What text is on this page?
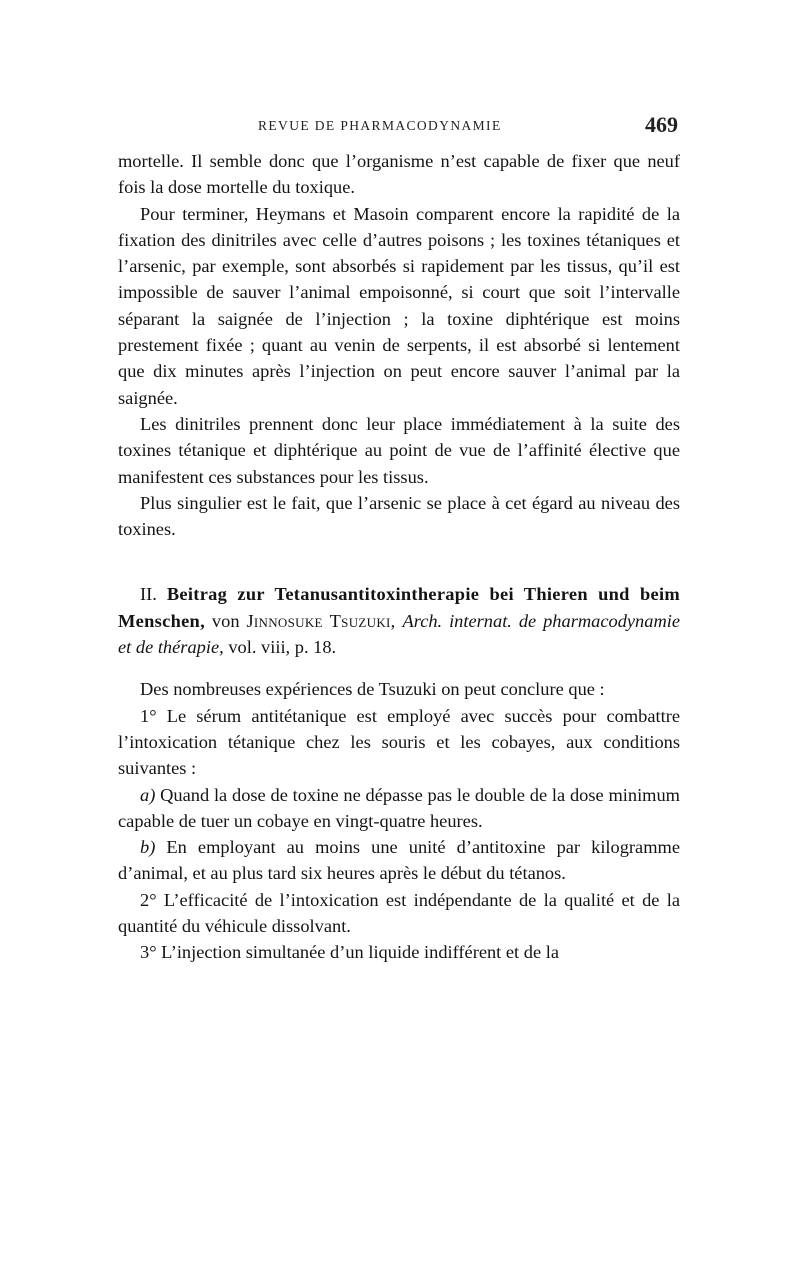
REVUE DE PHARMACODYNAMIE	469

mortelle. Il semble donc que l’organisme n’est capable de fixer que neuf fois la dose mortelle du toxique.

Pour terminer, Heymans et Masoin comparent encore la rapidité de la fixation des dinitriles avec celle d’autres poisons ; les toxines tétaniques et l’arsenic, par exemple, sont absorbés si rapidement par les tissus, qu’il est impossible de sauver l’animal empoisonné, si court que soit l’intervalle séparant la saignée de l’injection ; la toxine diphtérique est moins prestement fixée ; quant au venin de serpents, il est absorbé si lentement que dix minutes après l’injection on peut encore sauver l’animal par la saignée.

Les dinitriles prennent donc leur place immédiatement à la suite des toxines tétanique et diphtérique au point de vue de l’affinité élective que manifestent ces substances pour les tissus.

Plus singulier est le fait, que l’arsenic se place à cet égard au niveau des toxines.

II. Beitrag zur Tetanusantitoxintherapie bei Thieren und beim Menschen, von Jinnosuke Tsuzuki, Arch. internat. de pharmacodynamie et de thérapie, vol. viii, p. 18.

Des nombreuses expériences de Tsuzuki on peut conclure que :

1° Le sérum antitétanique est employé avec succès pour combattre l’intoxication tétanique chez les souris et les cobayes, aux conditions suivantes :

a) Quand la dose de toxine ne dépasse pas le double de la dose minimum capable de tuer un cobaye en vingt-quatre heures.

b) En employant au moins une unité d’antitoxine par kilogramme d’animal, et au plus tard six heures après le début du tétanos.

2° L’efficacité de l’intoxication est indépendante de la qualité et de la quantité du véhicule dissolvant.

3° L’injection simultanée d’un liquide indifférent et de la
